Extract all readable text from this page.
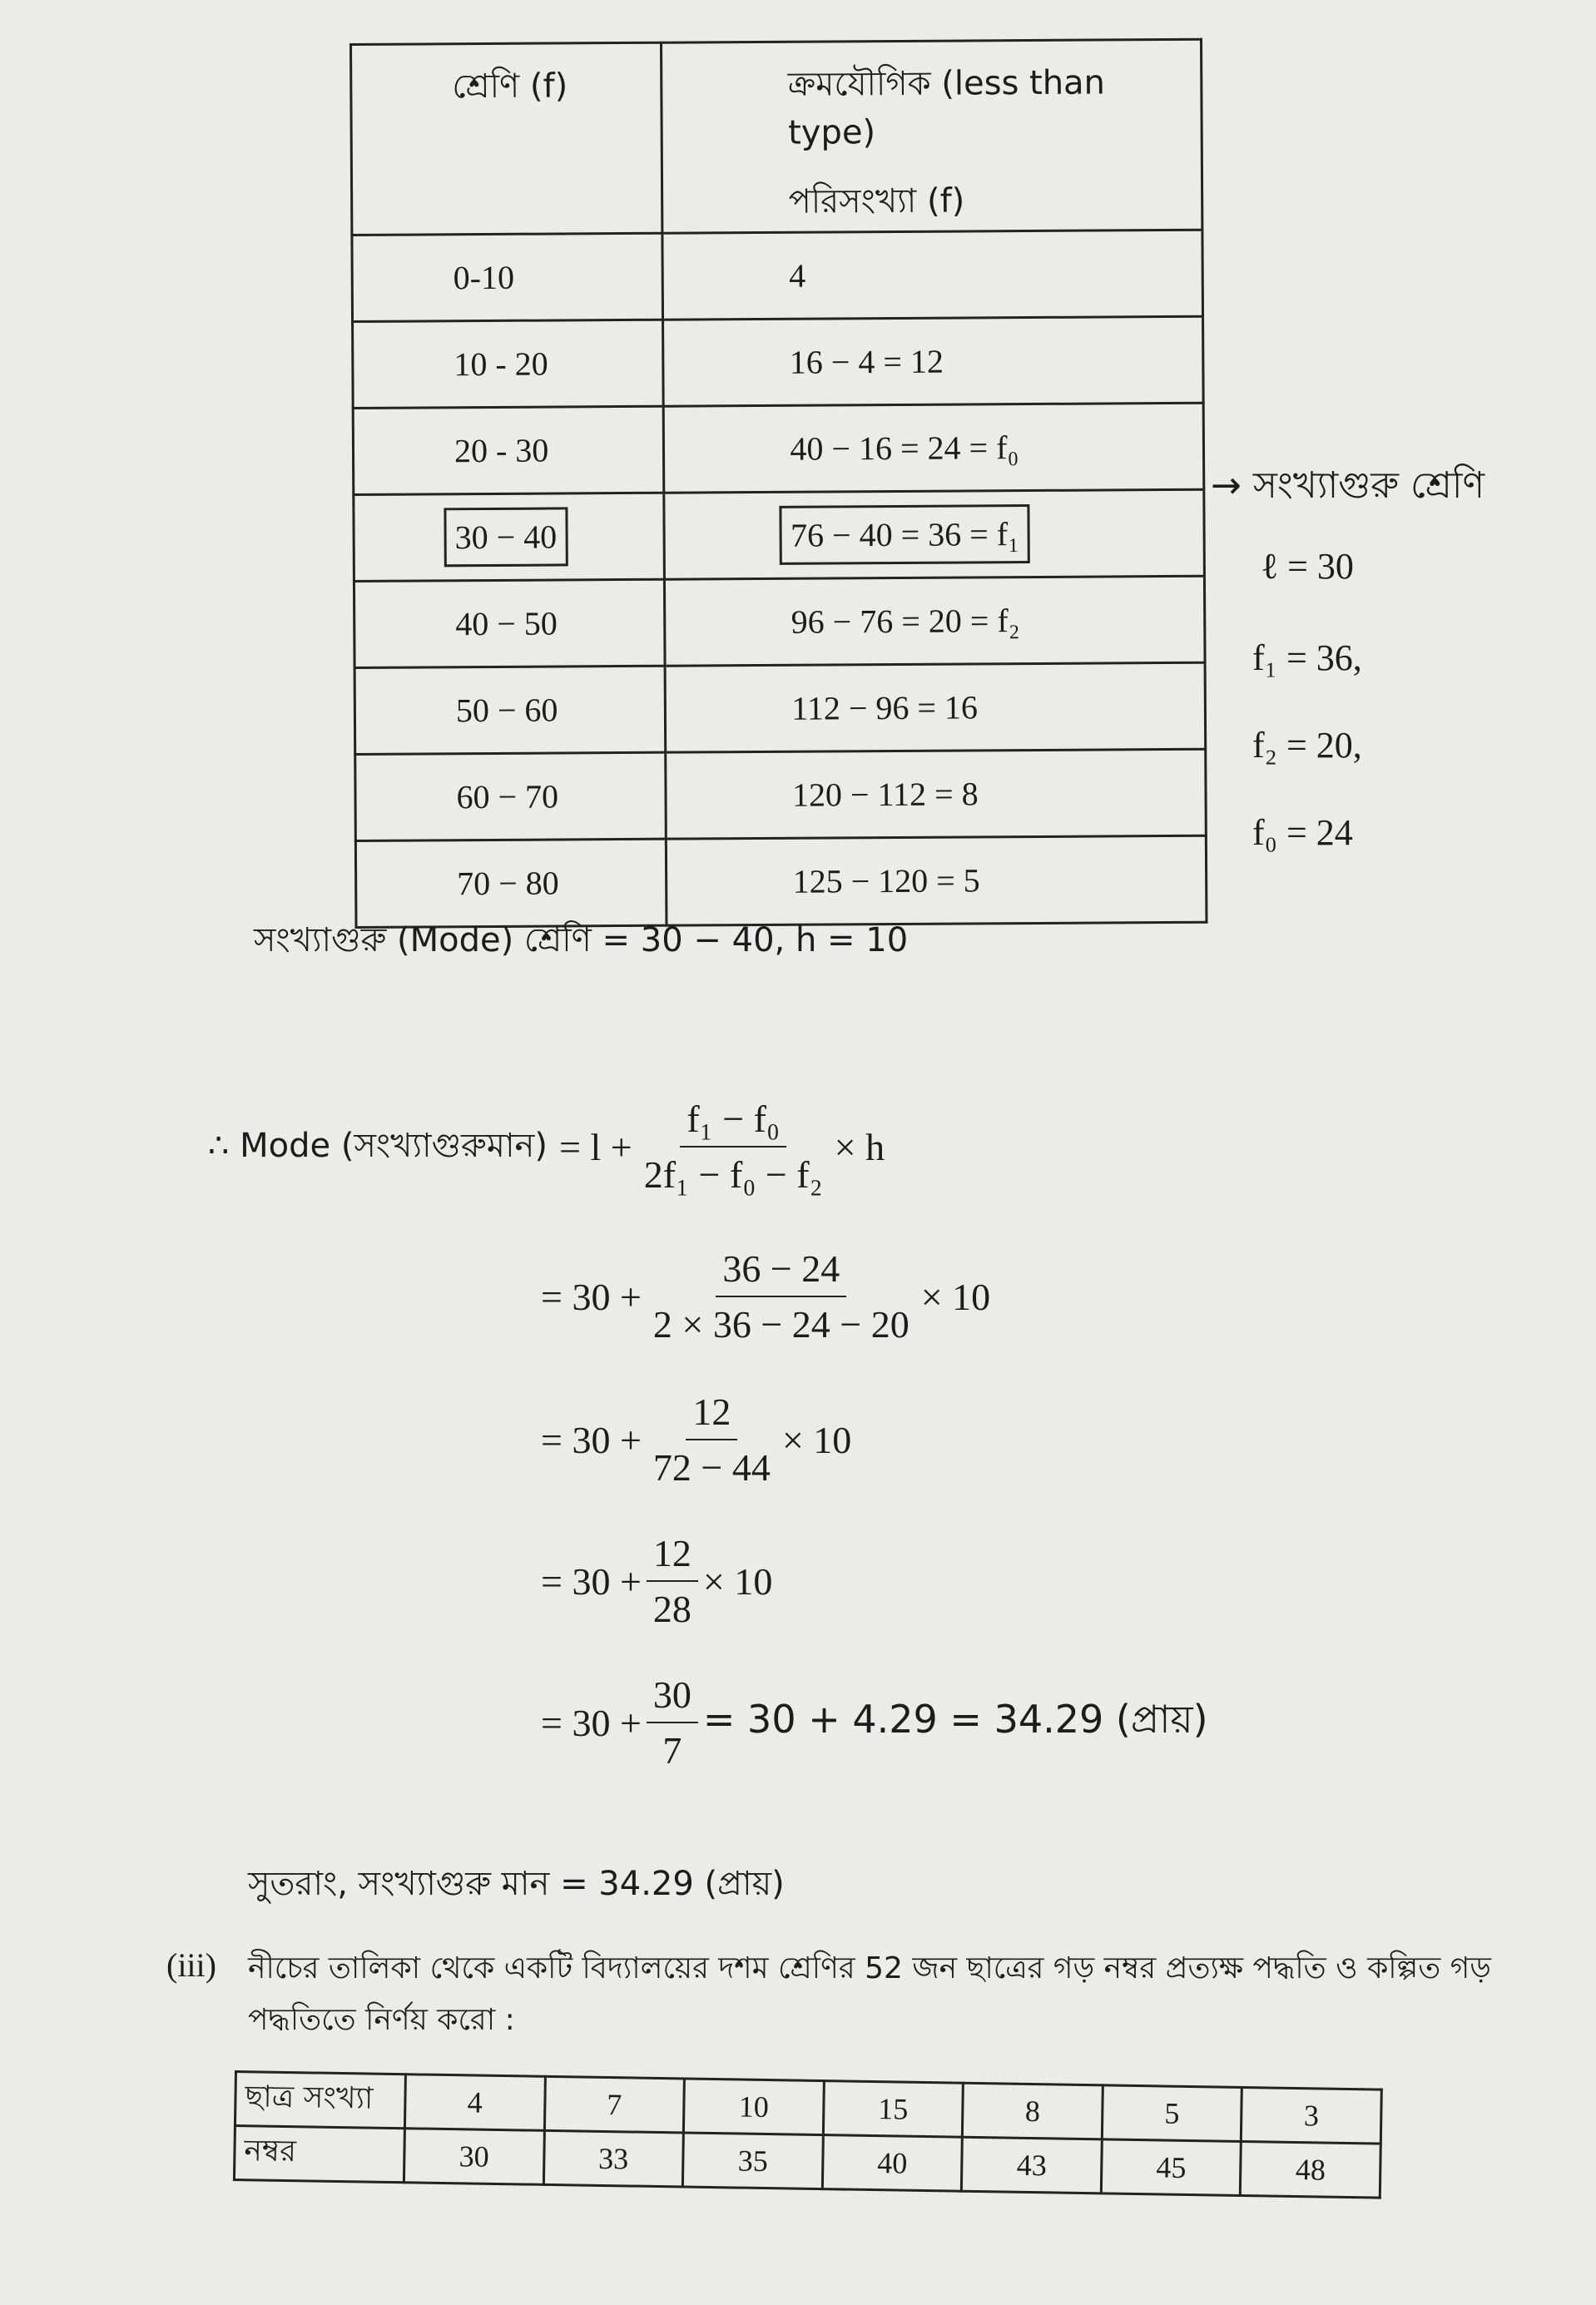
শ্রেণি (f)	ক্রমযৌগিক (less than type)
পরিসংখ্যা (f)

0-10	4
10 - 20	16 − 4 = 12
20 - 30	40 − 16 = 24 = f₀
30 − 40	76 − 40 = 36 = f₁
40 − 50	96 − 76 = 20 = f₂
50 − 60	112 − 96 = 16
60 − 70	120 − 112 = 8
70 − 80	125 − 120 = 5
→ সংখ্যাগুরু শ্রেণি
ℓ = 30
f₁ = 36,
f₂ = 20,
f₀ = 24
সংখ্যাগুরু (Mode) শ্রেণি = 30 − 40, h = 10
∴ Mode (সংখ্যাগুরুমান) = $l + \frac{\text{f₁ − f₀}}{\text{2f₁ − f₀ − f₂}} \times h$
= $30 + \frac{36 - 24}{2 \times 36 - 24 - 20} \times 10$
= $30 + \frac{12}{72 - 44} \times 10$
= $30 + \frac{12}{28} \times 10$
= $30 + \frac{30}{7} = 30 + 4.29 = 34.29$ (প্রায়)
সুতরাং, সংখ্যাগুরু মান = 34.29 (প্রায়)
(iii) নীচের তালিকা থেকে একটি বিদ্যালয়ের দশম শ্রেণির 52 জন ছাত্রের গড় নম্বর প্রত্যক্ষ পদ্ধতি ও কল্পিত গড়
পদ্ধতিতে নির্ণয় করো :
ছাত্র সংখ্যা	4	7	10	15	8	5	3
নম্বর	30	33	35	40	43	45	48
